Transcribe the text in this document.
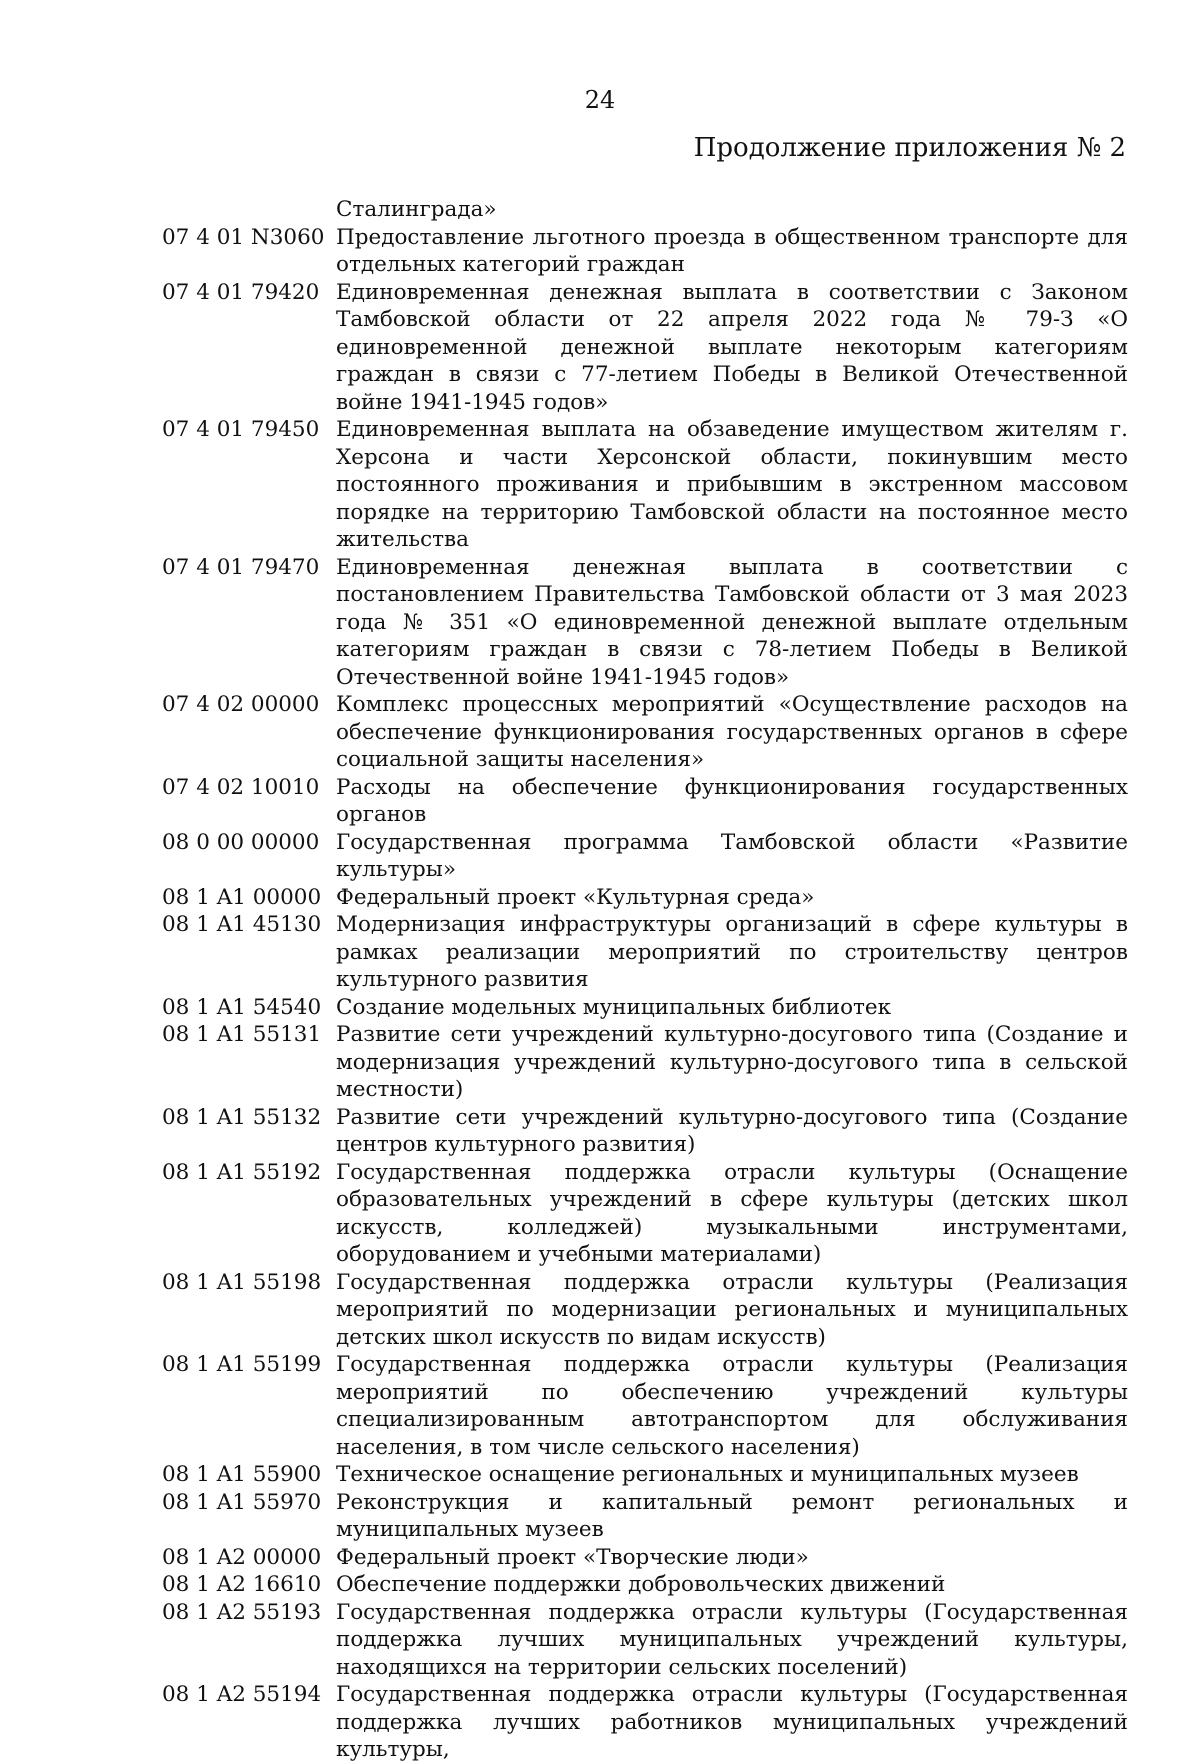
24
Продолжение приложения № 2
Сталинграда»
07 4 01 N3060 Предоставление льготного проезда в общественном транспорте для отдельных категорий граждан
07 4 01 79420 Единовременная денежная выплата в соответствии с Законом Тамбовской области от 22 апреля 2022 года № 79-З «О единовременной денежной выплате некоторым категориям граждан в связи с 77-летием Победы в Великой Отечественной войне 1941-1945 годов»
07 4 01 79450 Единовременная выплата на обзаведение имуществом жителям г. Херсона и части Херсонской области, покинувшим место постоянного проживания и прибывшим в экстренном массовом порядке на территорию Тамбовской области на постоянное место жительства
07 4 01 79470 Единовременная денежная выплата в соответствии с постановлением Правительства Тамбовской области от 3 мая 2023 года № 351 «О единовременной денежной выплате отдельным категориям граждан в связи с 78-летием Победы в Великой Отечественной войне 1941-1945 годов»
07 4 02 00000 Комплекс процессных мероприятий «Осуществление расходов на обеспечение функционирования государственных органов в сфере социальной защиты населения»
07 4 02 10010 Расходы на обеспечение функционирования государственных органов
08 0 00 00000 Государственная программа Тамбовской области «Развитие культуры»
08 1 A1 00000 Федеральный проект «Культурная среда»
08 1 A1 45130 Модернизация инфраструктуры организаций в сфере культуры в рамках реализации мероприятий по строительству центров культурного развития
08 1 A1 54540 Создание модельных муниципальных библиотек
08 1 A1 55131 Развитие сети учреждений культурно-досугового типа (Создание и модернизация учреждений культурно-досугового типа в сельской местности)
08 1 A1 55132 Развитие сети учреждений культурно-досугового типа (Создание центров культурного развития)
08 1 A1 55192 Государственная поддержка отрасли культуры (Оснащение образовательных учреждений в сфере культуры (детских школ искусств, колледжей) музыкальными инструментами, оборудованием и учебными материалами)
08 1 A1 55198 Государственная поддержка отрасли культуры (Реализация мероприятий по модернизации региональных и муниципальных детских школ искусств по видам искусств)
08 1 A1 55199 Государственная поддержка отрасли культуры (Реализация мероприятий по обеспечению учреждений культуры специализированным автотранспортом для обслуживания населения, в том числе сельского населения)
08 1 A1 55900 Техническое оснащение региональных и муниципальных музеев
08 1 A1 55970 Реконструкция и капитальный ремонт региональных и муниципальных музеев
08 1 A2 00000 Федеральный проект «Творческие люди»
08 1 A2 16610 Обеспечение поддержки добровольческих движений
08 1 A2 55193 Государственная поддержка отрасли культуры (Государственная поддержка лучших муниципальных учреждений культуры, находящихся на территории сельских поселений)
08 1 A2 55194 Государственная поддержка отрасли культуры (Государственная поддержка лучших работников муниципальных учреждений культуры,
